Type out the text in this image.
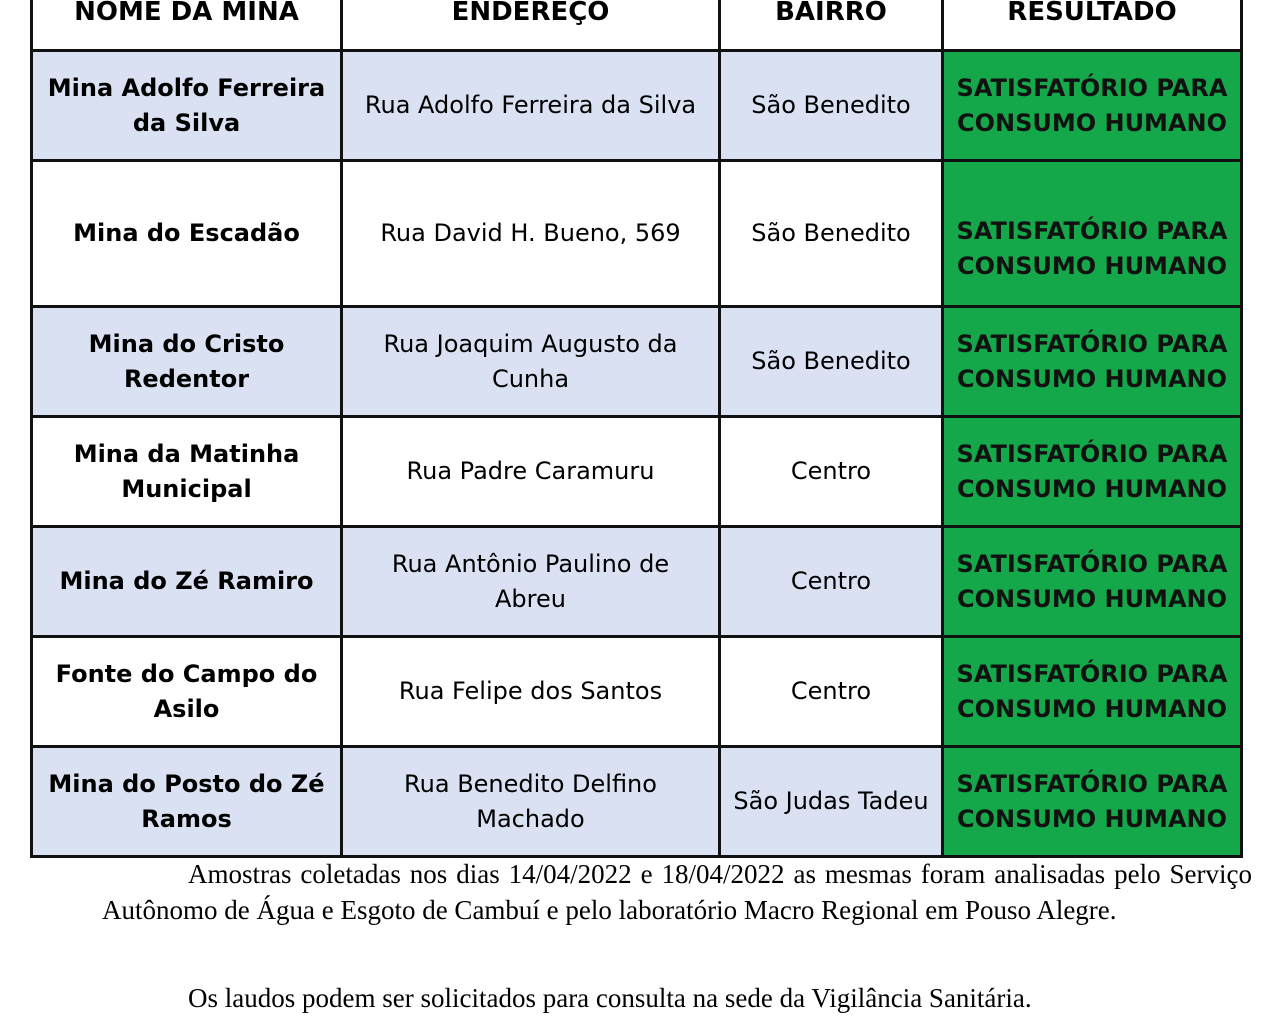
NOME DA MINA	ENDEREÇO	BAIRRO	RESULTADO
Mina Adolfo Ferreira da Silva	Rua Adolfo Ferreira da Silva	São Benedito	SATISFATÓRIO PARA CONSUMO HUMANO
Mina do Escadão	Rua David H. Bueno, 569	São Benedito	SATISFATÓRIO PARA CONSUMO HUMANO
Mina do Cristo Redentor	Rua Joaquim Augusto da Cunha	São Benedito	SATISFATÓRIO PARA CONSUMO HUMANO
Mina da Matinha Municipal	Rua Padre Caramuru	Centro	SATISFATÓRIO PARA CONSUMO HUMANO
Mina do Zé Ramiro	Rua Antônio Paulino de Abreu	Centro	SATISFATÓRIO PARA CONSUMO HUMANO
Fonte do Campo do Asilo	Rua Felipe dos Santos	Centro	SATISFATÓRIO PARA CONSUMO HUMANO
Mina do Posto do Zé Ramos	Rua Benedito Delfino Machado	São Judas Tadeu	SATISFATÓRIO PARA CONSUMO HUMANO

Amostras coletadas nos dias 14/04/2022 e 18/04/2022 as mesmas foram analisadas pelo Serviço Autônomo de Água e Esgoto de Cambuí e pelo laboratório Macro Regional em Pouso Alegre.

Os laudos podem ser solicitados para consulta na sede da Vigilância Sanitária.
